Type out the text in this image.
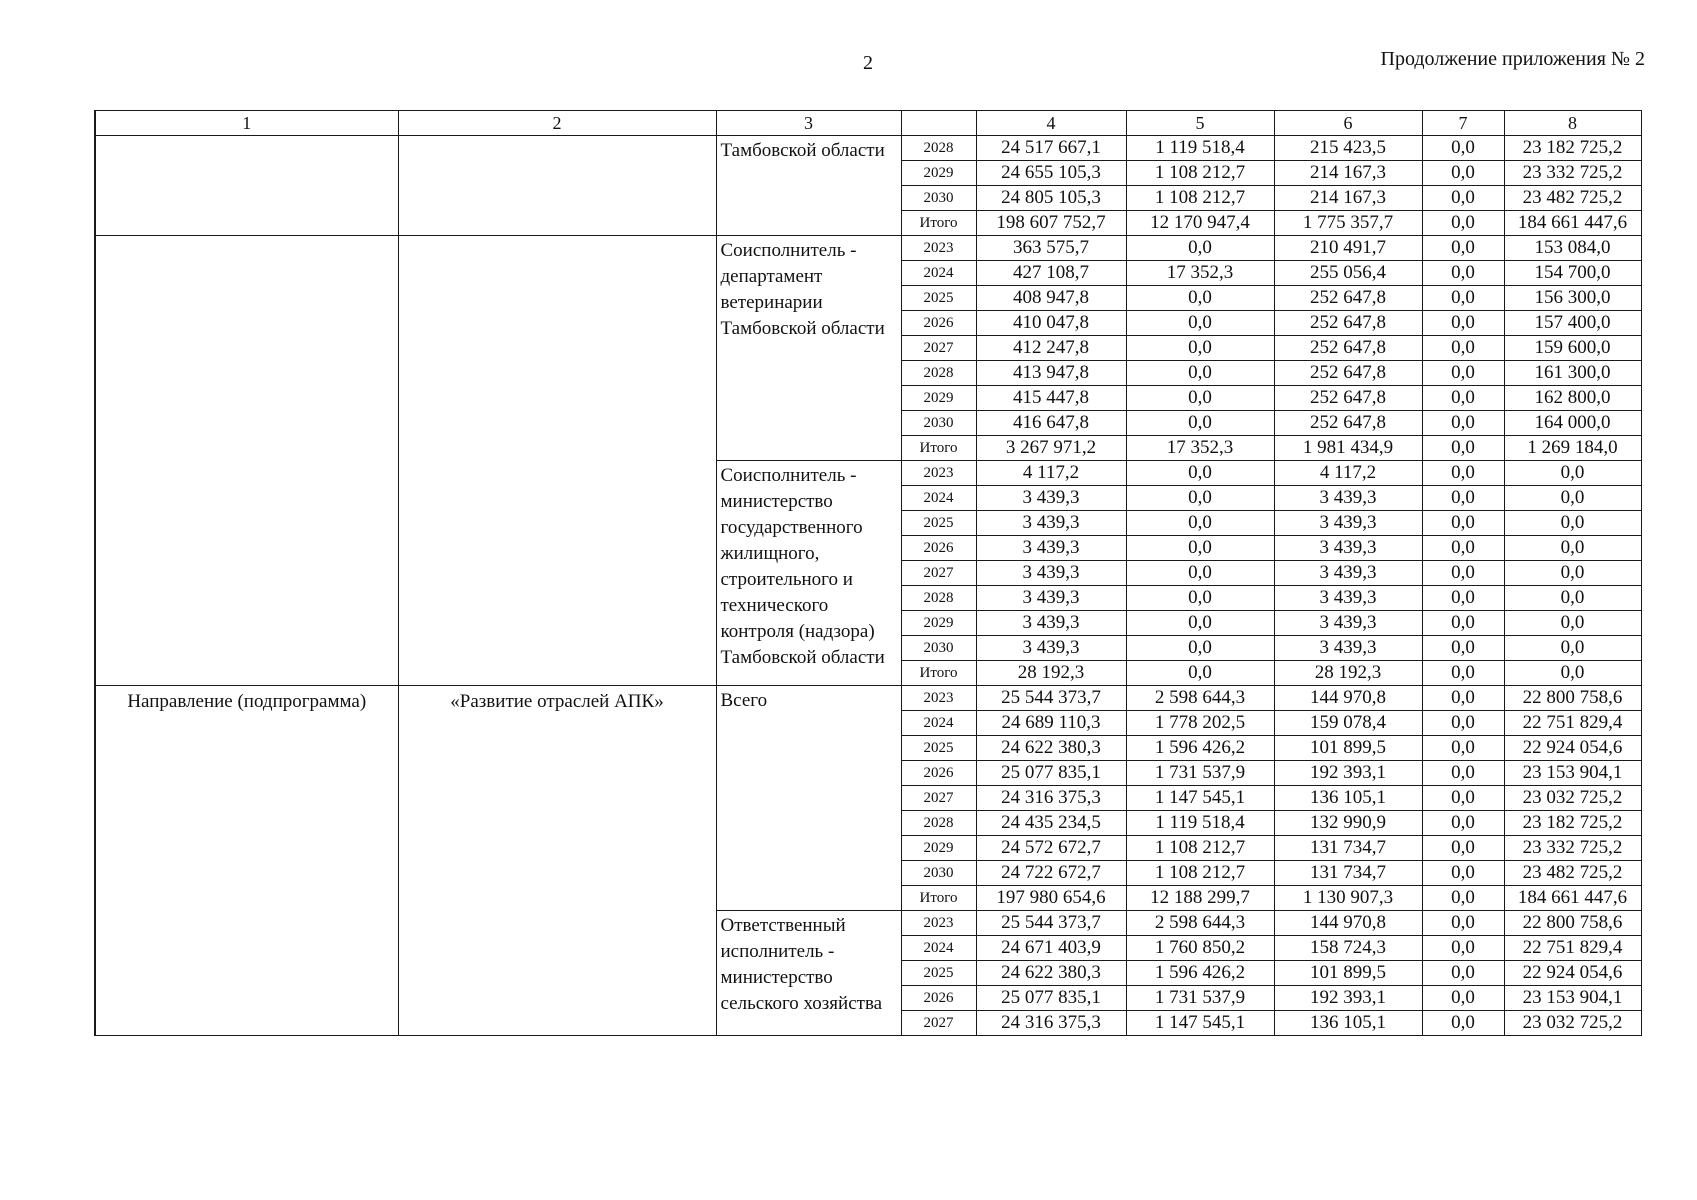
2	Продолжение приложения № 2
1	2	3		4	5	6	7	8
		Тамбовской области	2028	24 517 667,1	1 119 518,4	215 423,5	0,0	23 182 725,2
			2029	24 655 105,3	1 108 212,7	214 167,3	0,0	23 332 725,2
			2030	24 805 105,3	1 108 212,7	214 167,3	0,0	23 482 725,2
			Итого	198 607 752,7	12 170 947,4	1 775 357,7	0,0	184 661 447,6
		Соисполнитель - департамент ветеринарии Тамбовской области	2023	363 575,7	0,0	210 491,7	0,0	153 084,0
			2024	427 108,7	17 352,3	255 056,4	0,0	154 700,0
			2025	408 947,8	0,0	252 647,8	0,0	156 300,0
			2026	410 047,8	0,0	252 647,8	0,0	157 400,0
			2027	412 247,8	0,0	252 647,8	0,0	159 600,0
			2028	413 947,8	0,0	252 647,8	0,0	161 300,0
			2029	415 447,8	0,0	252 647,8	0,0	162 800,0
			2030	416 647,8	0,0	252 647,8	0,0	164 000,0
			Итого	3 267 971,2	17 352,3	1 981 434,9	0,0	1 269 184,0
		Соисполнитель - министерство государственного жилищного, строительного и технического контроля (надзора) Тамбовской области	2023	4 117,2	0,0	4 117,2	0,0	0,0
			2024	3 439,3	0,0	3 439,3	0,0	0,0
			2025	3 439,3	0,0	3 439,3	0,0	0,0
			2026	3 439,3	0,0	3 439,3	0,0	0,0
			2027	3 439,3	0,0	3 439,3	0,0	0,0
			2028	3 439,3	0,0	3 439,3	0,0	0,0
			2029	3 439,3	0,0	3 439,3	0,0	0,0
			2030	3 439,3	0,0	3 439,3	0,0	0,0
			Итого	28 192,3	0,0	28 192,3	0,0	0,0
Направление (подпрограмма)	«Развитие отраслей АПК»	Всего	2023	25 544 373,7	2 598 644,3	144 970,8	0,0	22 800 758,6
			2024	24 689 110,3	1 778 202,5	159 078,4	0,0	22 751 829,4
			2025	24 622 380,3	1 596 426,2	101 899,5	0,0	22 924 054,6
			2026	25 077 835,1	1 731 537,9	192 393,1	0,0	23 153 904,1
			2027	24 316 375,3	1 147 545,1	136 105,1	0,0	23 032 725,2
			2028	24 435 234,5	1 119 518,4	132 990,9	0,0	23 182 725,2
			2029	24 572 672,7	1 108 212,7	131 734,7	0,0	23 332 725,2
			2030	24 722 672,7	1 108 212,7	131 734,7	0,0	23 482 725,2
			Итого	197 980 654,6	12 188 299,7	1 130 907,3	0,0	184 661 447,6
		Ответственный исполнитель - министерство сельского хозяйства	2023	25 544 373,7	2 598 644,3	144 970,8	0,0	22 800 758,6
			2024	24 671 403,9	1 760 850,2	158 724,3	0,0	22 751 829,4
			2025	24 622 380,3	1 596 426,2	101 899,5	0,0	22 924 054,6
			2026	25 077 835,1	1 731 537,9	192 393,1	0,0	23 153 904,1
			2027	24 316 375,3	1 147 545,1	136 105,1	0,0	23 032 725,2
